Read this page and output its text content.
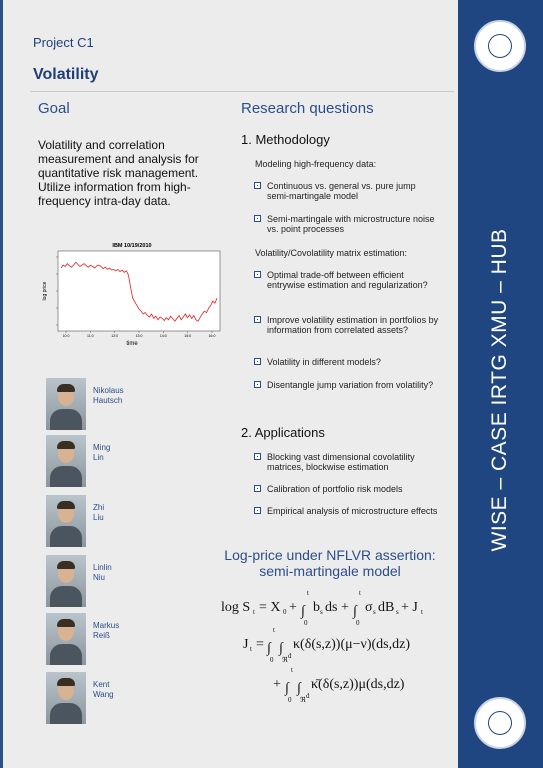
WISE – CASE IRTG XMU – HUB
Project C1
Volatility
Goal
Volatility and correlation measurement and analysis for quantitative risk management. Utilize information from high-frequency intra-day data.
IBM 10/19/2010
10:0	11:0	12:0	13:0	14:0	15:0	16:0
time
log price
Nikolaus
Hautsch
Ming
Lin
Zhi
Liu
Linlin
Niu
Markus
Reiß
Kent
Wang
Research questions
1. Methodology
Modeling high-frequency data:
Continuous vs. general vs. pure jump semi-martingale model
Semi-martingale with microstructure noise vs. point processes
Volatility/Covolatility matrix estimation:
Optimal trade-off between efficient entrywise estimation and regularization?
Improve volatility estimation in portfolios by information from correlated assets?
Volatility in different models?
Disentangle jump variation from volatility?
2. Applications
Blocking vast dimensional covolatility matrices, blockwise estimation
Calibration of portfolio risk models
Empirical analysis of microstructure effects
Log-price under NFLVR assertion:
semi-martingale model
log S t = X 0 + ∫
t
0
b s ds + ∫
t
0
σ s dB s + J t
J t = ∫
t
0
∫
ℜ d
κ(δ(s,z))(μ−ν)(ds,dz)
+ ∫
t
0
∫
ℜ d
κ̄(δ(s,z))μ(ds,dz)
